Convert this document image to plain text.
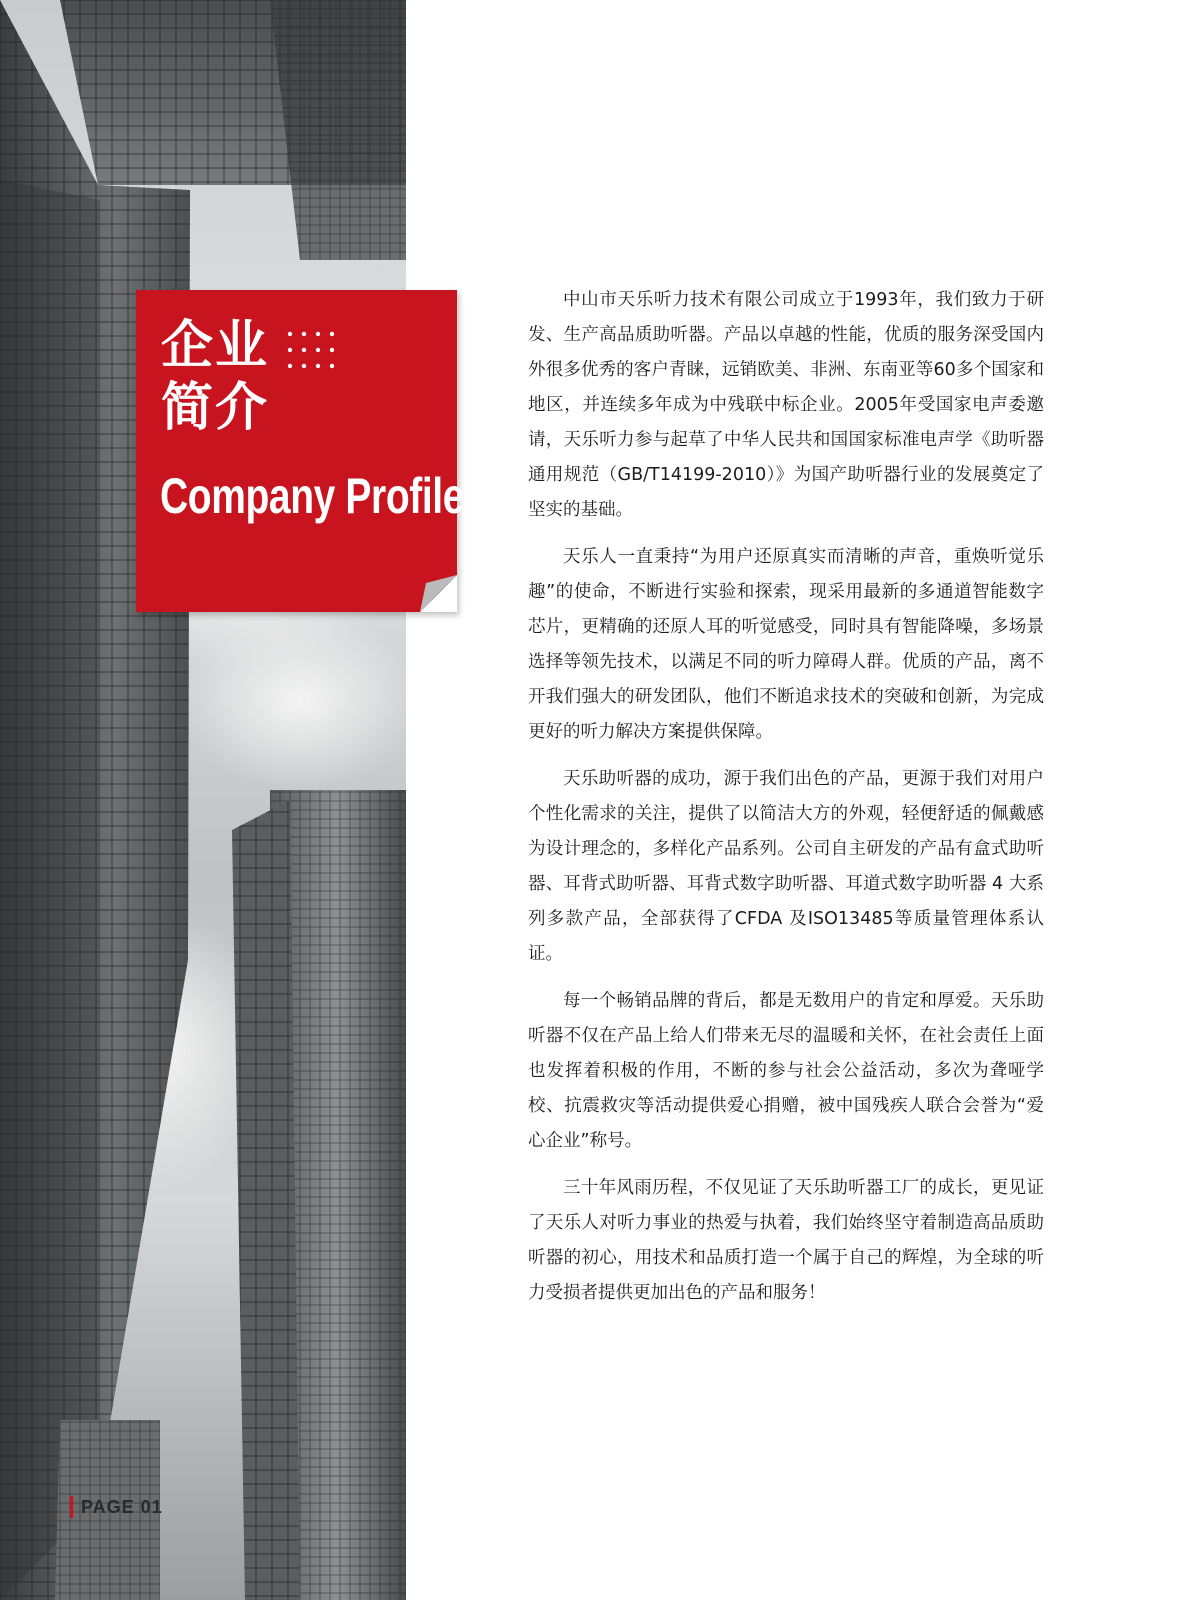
企业
简介
Company Profile
PAGE 01

中山市天乐听力技术有限公司成立于1993年，我们致力于研发、生产高品质助听器。产品以卓越的性能，优质的服务深受国内外很多优秀的客户青睐，远销欧美、非洲、东南亚等60多个国家和地区，并连续多年成为中残联中标企业。2005年受国家电声委邀请，天乐听力参与起草了中华人民共和国国家标准电声学《助听器通用规范（GB/T14199-2010）》为国产助听器行业的发展奠定了坚实的基础。

天乐人一直秉持“为用户还原真实而清晰的声音，重焕听觉乐趣”的使命，不断进行实验和探索，现采用最新的多通道智能数字芯片，更精确的还原人耳的听觉感受，同时具有智能降噪，多场景选择等领先技术，以满足不同的听力障碍人群。优质的产品，离不开我们强大的研发团队，他们不断追求技术的突破和创新，为完成更好的听力解决方案提供保障。

天乐助听器的成功，源于我们出色的产品，更源于我们对用户个性化需求的关注，提供了以简洁大方的外观，轻便舒适的佩戴感为设计理念的，多样化产品系列。公司自主研发的产品有盒式助听器、耳背式助听器、耳背式数字助听器、耳道式数字助听器 4 大系列多款产品，全部获得了CFDA 及ISO13485等质量管理体系认证。

每一个畅销品牌的背后，都是无数用户的肯定和厚爱。天乐助听器不仅在产品上给人们带来无尽的温暖和关怀，在社会责任上面也发挥着积极的作用，不断的参与社会公益活动，多次为聋哑学校、抗震救灾等活动提供爱心捐赠，被中国残疾人联合会誉为“爱心企业”称号。

三十年风雨历程，不仅见证了天乐助听器工厂的成长，更见证了天乐人对听力事业的热爱与执着，我们始终坚守着制造高品质助听器的初心，用技术和品质打造一个属于自己的辉煌，为全球的听力受损者提供更加出色的产品和服务！
